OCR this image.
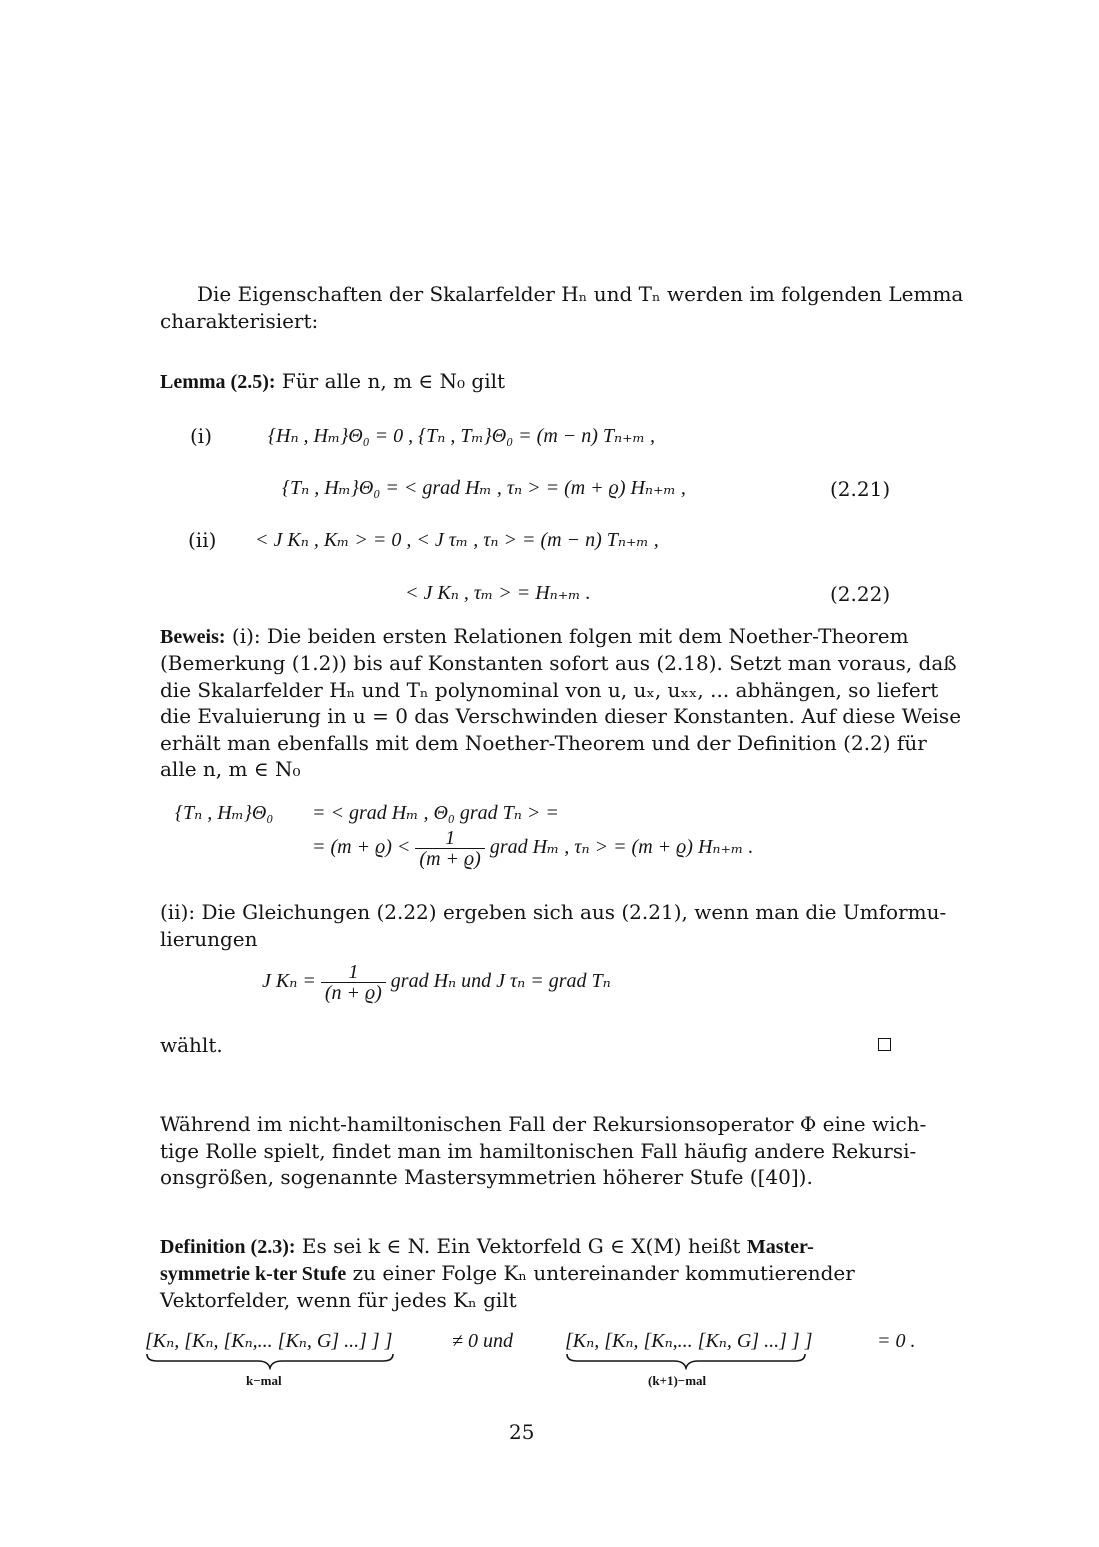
Die Eigenschaften der Skalarfelder Hₙ und Tₙ werden im folgenden Lemma
charakterisiert:
Lemma (2.5): Für alle n, m ∈ N₀ gilt
(i)	{Hₙ , Hₘ}Θ₀ = 0 , {Tₙ , Tₘ}Θ₀ = (m − n) Tₙ₊ₘ ,
{Tₙ , Hₘ}Θ₀ = < grad Hₘ , τₙ > = (m + ϱ) Hₙ₊ₘ ,	(2.21)
(ii) < J Kₙ , Kₘ > = 0 , < J τₘ , τₙ > = (m − n) Tₙ₊ₘ ,
< J Kₙ , τₘ > = Hₙ₊ₘ .	(2.22)
Beweis: (i): Die beiden ersten Relationen folgen mit dem Noether-Theorem
(Bemerkung (1.2)) bis auf Konstanten sofort aus (2.18). Setzt man voraus, daß
die Skalarfelder Hₙ und Tₙ polynominal von u, uₓ, uₓₓ, ... abhängen, so liefert
die Evaluierung in u = 0 das Verschwinden dieser Konstanten. Auf diese Weise
erhält man ebenfalls mit dem Noether-Theorem und der Definition (2.2) für
alle n, m ∈ N₀
{Tₙ , Hₘ}Θ₀ = < grad Hₘ , Θ₀ grad Tₙ > =
= $(m + ϱ) < \frac{1}{(m + ϱ)}$ grad Hₘ , τₙ > = (m + ϱ) Hₙ₊ₘ .
(ii): Die Gleichungen (2.22) ergeben sich aus (2.21), wenn man die Umformu-
lierungen
J $K_n = \frac{1}{(n + ϱ)}$ grad Hₙ und J τₙ = grad Tₙ
wählt.
Während im nicht-hamiltonischen Fall der Rekursionsoperator Φ eine wich-
tige Rolle spielt, findet man im hamiltonischen Fall häufig andere Rekursi-
onsgrößen, sogenannte Mastersymmetrien höherer Stufe ([40]).
Definition (2.3): Es sei k ∈ N. Ein Vektorfeld G ∈ X(M) heißt Master-
symmetrie k-ter Stufe zu einer Folge Kₙ untereinander kommutierender
Vektorfelder, wenn für jedes Kₙ gilt
[Kₙ, [Kₙ, [Kₙ,... [Kₙ, G] ...] ] ]	≠ 0 und	[Kₙ, [Kₙ, [Kₙ,... [Kₙ, G] ...] ] ]	= 0 .
k−mal	(k+1)−mal
25
